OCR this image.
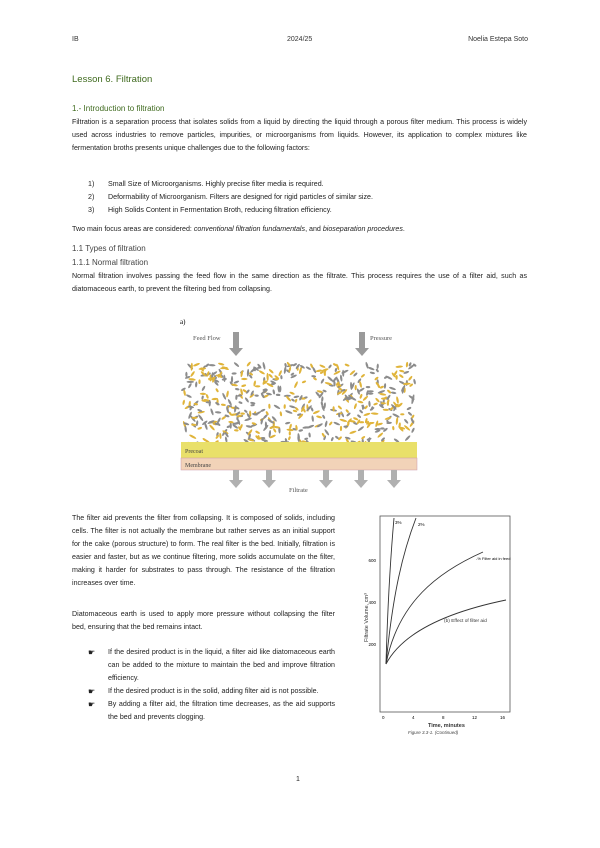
IB	2024/25	Noelia Estepa Soto
Lesson 6. Filtration
1.- Introduction to filtration

Filtration is a separation process that isolates solids from a liquid by directing the liquid through a porous filter medium. This process is widely used across industries to remove particles, impurities, or microorganisms from liquids. However, its application to complex mixtures like fermentation broths presents unique challenges due to the following factors:

1)	Small Size of Microorganisms. Highly precise filter media is required.
2)	Deformability of Microorganism. Filters are designed for rigid particles of similar size.
3)	High Solids Content in Fermentation Broth, reducing filtration efficiency.

Two main focus areas are considered: conventional filtration fundamentals, and bioseparation procedures.

1.1 Types of filtration
1.1.1 Normal filtration

Normal filtration involves passing the feed flow in the same direction as the filtrate. This process requires the use of a filter aid, such as diatomaceous earth, to prevent the filtering bed from collapsing.

a)
Feed Flow	Pressure
Precoat
Membrane
Filtrate

The filter aid prevents the filter from collapsing. It is composed of solids, including cells. The filter is not actually the membrane but rather serves as an initial support for the cake (porous structure) to form. The real filter is the bed. Initially, filtration is easier and faster, but as we continue filtering, more solids accumulate on the filter, making it harder for substrates to pass through. The resistance of the filtration increases over time.

Diatomaceous earth is used to apply more pressure without collapsing the filter bed, ensuring that the bed remains intact.

☛	If the desired product is in the liquid, a filter aid like diatomaceous earth can be added to the mixture to maintain the bed and improve filtration efficiency.
☛	If the desired product is in the solid, adding filter aid is not possible.
☛	By adding a filter aid, the filtration time decreases, as the aid supports the bed and prevents clogging.
Filtrate Volume, cm³
200
400
600
0	4	8	12	16
Time, minutes
3%	2%
-% Filter aid in feed
(b) Effect of filter aid
Figure 3.3-1. (Continued)
1
